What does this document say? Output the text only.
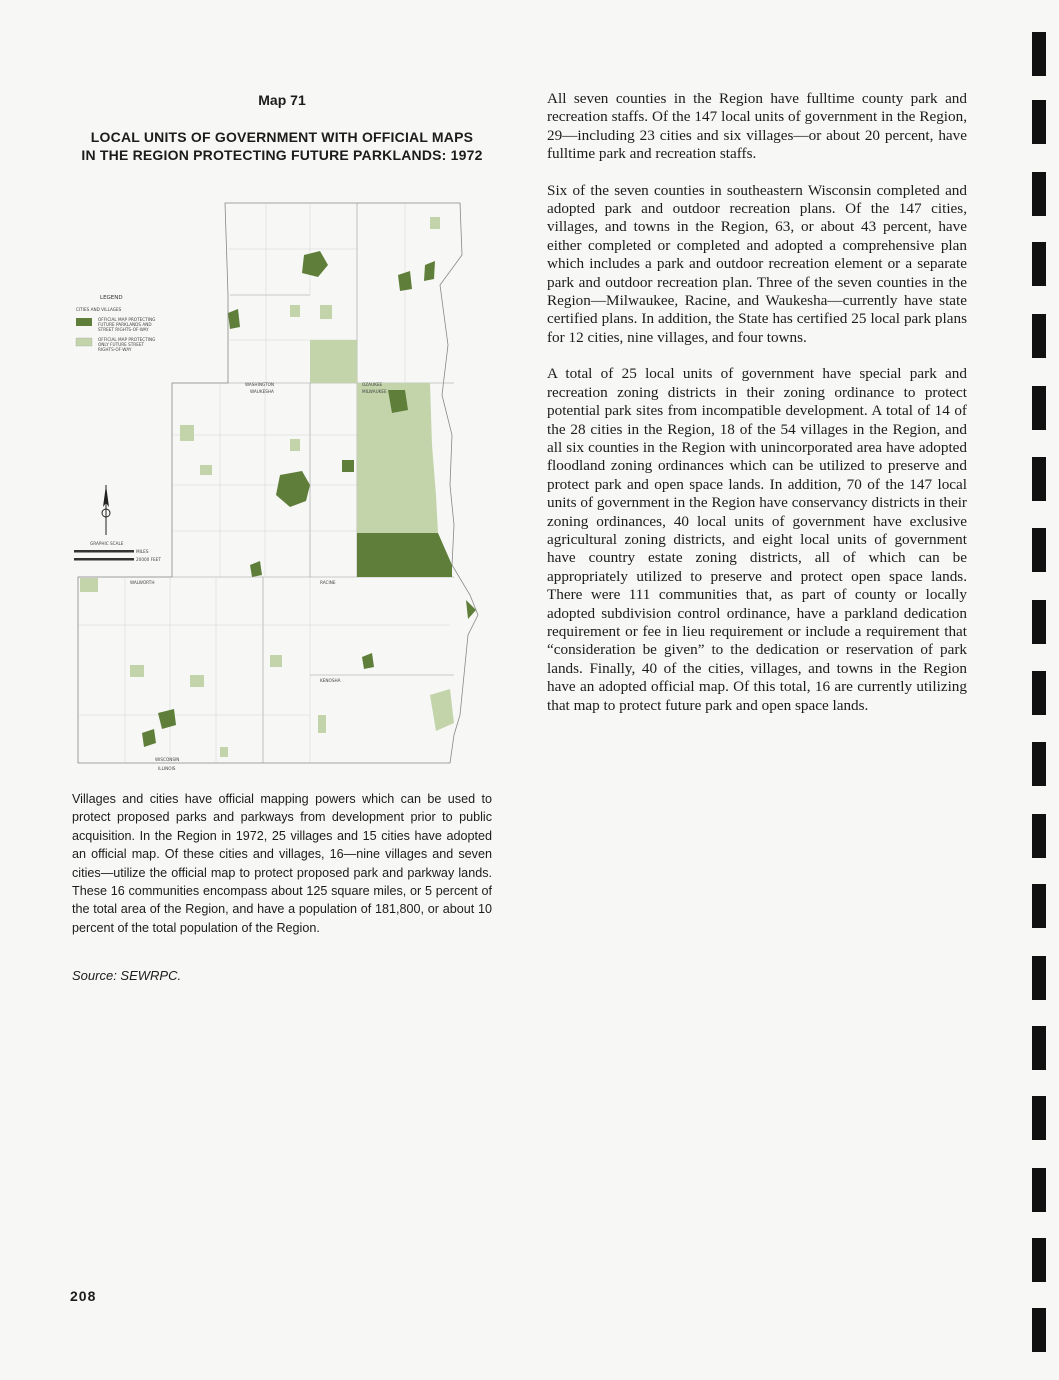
Map 71
LOCAL UNITS OF GOVERNMENT WITH OFFICIAL MAPS
IN THE REGION PROTECTING FUTURE PARKLANDS: 1972
WASHINGTON
WAUKESHA
OZAUKEE
MILWAUKEE
WALWORTH	RACINE
KENOSHA
WISCONSIN
ILLINOIS
LEGEND
CITIES AND VILLAGES
OFFICIAL MAP PROTECTING
FUTURE PARKLANDS AND
STREET RIGHTS-OF-WAY
OFFICIAL MAP PROTECTING
ONLY FUTURE STREET
RIGHTS-OF-WAY
GRAPHIC SCALE
MILES
20000 FEET

Villages and cities have official mapping powers which can be used to protect proposed parks and parkways from development prior to public acquisition. In the Region in 1972, 25 villages and 15 cities have adopted an official map. Of these cities and villages, 16—nine villages and seven cities—utilize the official map to protect proposed park and parkway lands. These 16 communities encompass about 125 square miles, or 5 percent of the total area of the Region, and have a population of 181,800, or about 10 percent of the total population of the Region.

Source: SEWRPC.
208

All seven counties in the Region have fulltime county park and recreation staffs. Of the 147 local units of government in the Region, 29—including 23 cities and six villages—or about 20 percent, have fulltime park and recreation staffs.

Six of the seven counties in southeastern Wisconsin completed and adopted park and outdoor recreation plans. Of the 147 cities, villages, and towns in the Region, 63, or about 43 percent, have either completed or completed and adopted a comprehensive plan which includes a park and outdoor recreation element or a separate park and outdoor recreation plan. Three of the seven counties in the Region—Milwaukee, Racine, and Waukesha—currently have state certified plans. In addition, the State has certified 25 local park plans for 12 cities, nine villages, and four towns.

A total of 25 local units of government have special park and recreation zoning districts in their zoning ordinance to protect potential park sites from incompatible development. A total of 14 of the 28 cities in the Region, 18 of the 54 villages in the Region, and all six counties in the Region with unincorporated area have adopted floodland zoning ordinances which can be utilized to preserve and protect park and open space lands. In addition, 70 of the 147 local units of government in the Region have conservancy districts in their zoning ordinances, 40 local units of government have exclusive agricultural zoning districts, and eight local units of government have country estate zoning districts, all of which can be appropriately utilized to preserve and protect open space lands. There were 111 communities that, as part of county or locally adopted subdivision control ordinance, have a parkland dedication requirement or fee in lieu requirement or include a requirement that “consideration be given” to the dedication or reservation of park lands. Finally, 40 of the cities, villages, and towns in the Region have an adopted official map. Of this total, 16 are currently utilizing that map to protect future park and open space lands.
